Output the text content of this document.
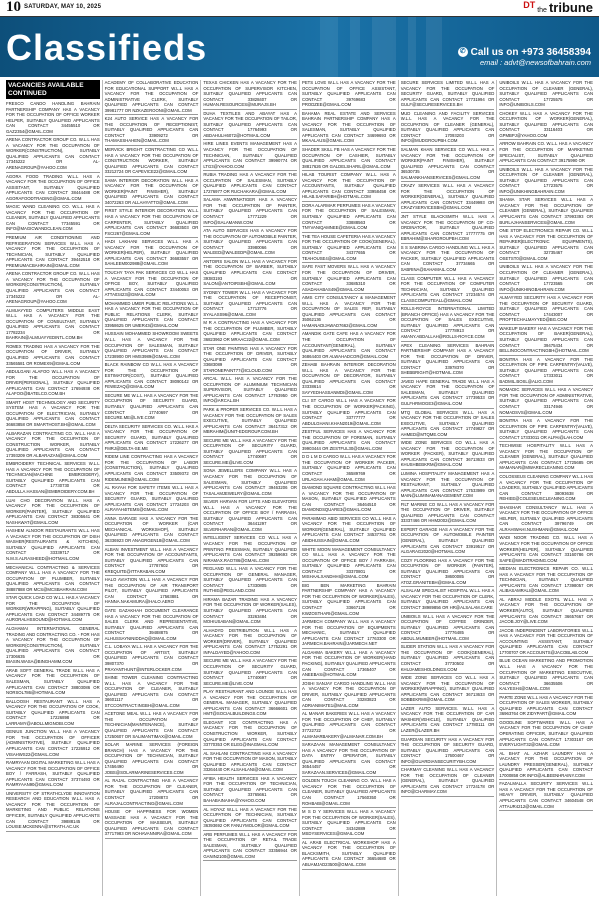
10 SATURDAY, MAY 10, 2025	$^{DT}$the tribune
Classifieds	✆ Call us on +973 36458394
email : advt@newsofbahrain.com
VACANCIES AVAILABLE CONTINUED

FRESCO CANDO HANDLING BAHRAIN PARTNERSHIP COMPANY HAS A VACANCY FOR THE OCCUPATION OF OFFICE WORKER HELPER, SUITABLY QUALIFIED APPLICANTS CAN CONTACT 34455510 OR GAZ2354@GMAIL.COM

ARENA CONTRACTOR GROUP CO. W.L.L HAS A VACANCY FOR THE OCCUPATION OF WORKER(CONSTRUCTION), SUITABLY QUALIFIED APPLICANTS CAN CONTACT 17345222 OR AL-ARENAGROUP@YAHOO.COM

AGORA FOOD TRADING W.L.L HAS A VACANCY FOR THE OCCUPATION OF OFFICE ASSISTANT, SUITABLY QUALIFIED APPLICANTS CAN CONTACT 38444488 OR AGORAFOODTRADING@GMAIL.COM

MAGIC WAND CLEANING CO. W.L.L HAS A VACANCY FOR THE OCCUPATION OF CLEANER, SUITABLY QUALIFIED APPLICANTS CAN CONTACT 77345591 OR INFO@MAGICWANDCLEAN.COM

PREMIUM AIR CONDITIONING AND REFRIGERATION SERVICES W.L.L HAS A VACANCY FOR THE OCCUPATION OF TECHNICIAN, SUITABLY QUALIFIED APPLICANTS CAN CONTACT 39442518 OR PREMIUMACBAHRAIN@GMAIL.COM

ARENA CONTRACTOR GROUP CO. W.L.L HAS A VACANCY FOR THE OCCUPATION OF WORKER(CONSTRUCTION), SUITABLY QUALIFIED APPLICANTS CAN CONTACT 17345222 OR AL-ARENAGROUP@YAHOO.COM

ALMUAYYED COMPUTERS MIDDLE EAST W.L.L HAS A VACANCY FOR THE OCCUPATION OF CONSULTANT, SUITABLY QUALIFIED APPLICANTS CAN CONTACT 17782234 OR BAHRAIN@ALMUAYYEDINTL.COM.BH

ROMEX TRADING HAS A VACANCY FOR THE OCCUPATION OF DRIVER, SUITABLY QUALIFIED APPLICANTS CAN CONTACT 33565581 OR ROMEX9@GMAIL.COM

ABDULGANI ALAFOO W.L.L HAS A VACANCY FOR THE OCCUPATION OF DRIVER(PERSONAL), SUITABLY QUALIFIED APPLICANTS CAN CONTACT 17694938 OR ALAFOO@BATELCO.COM.BH

SMART HOST TECHNOLOGY AND SECURITY SYSTEM HAS A VACANCY FOR THE OCCUPATION OF ELECTRICIAN, SUITABLY QUALIFIED APPLICANTS CAN CONTACT 36683858 OR SMARTHOST.BH@GMAIL.COM

ALBARAZAN CONTRACTING CO. W.L.L HAS A VACANCY FOR THE OCCUPATION OF CONSTRUCTION WORKER, SUITABLY QUALIFIED APPLICANTS CAN CONTACT 17393209 OR ALBARAZAN@GMAIL.COM

EMBROIDERY TECHNICAL SERVICES W.L.L HAS A VACANCY FOR THE OCCUPATION OF TECHNICIAN(MACHINE EMBROIDERY), SUITABLY QUALIFIED APPLICANTS CAN CONTACT 17730730 OR ABDULLA.HASSAN@EMBROIDERY.COM.BH

LUAI CHO DECORATION W.L.L HAS A VACANCY FOR THE OCCUPATION OF WORKER(PAINTER), SUITABLY QUALIFIED APPLICANTS CAN CONTACT 38305641 OR NASHAWAT@GMAIL.COM

HASHEM ALNOOR RESTAURANTS W.L.L HAS A VACANCY FOR THE OCCUPATION OF DISH WASHER(RESTAURANTS & KITCHEN), SUITABLY QUALIFIED APPLICANTS CAN CONTACT 33339717 OR N.M.S.ALRASHEED@HOTMAIL.COM

MECHANICAL CONTRACTING & SERVICES COMPANY W.L.L HAS A VACANCY FOR THE OCCUPATION OF PLUMBER, SUITABLY QUALIFIED APPLICANTS CAN CONTACT 38887888 OR MCS@MCSBAHRAIN.COM

STAR QUICK LOAD CO W.L.L HAS A VACANCY FOR THE OCCUPATION OF WORKER(WRAPPING), SUITABLY QUALIFIED APPLICANTS CAN CONTACT 34489775 OR AURORALHSSOUND@HOTMAIL.COM

ALGHAMAI INTERNATIONAL GENERAL TRADING AND CONTRACTING CO. - FOR HAS A VACANCY FOR THE OCCUPATION OF WORKER(CONSTRUCTION), SUITABLY QUALIFIED APPLICANTS CAN CONTACT 17306635 OR BIASIN.WASA@BINGHAMM.COM

ARAB SOFT GENERAL TRADE W.L.L HAS A VACANCY FOR THE OCCUPATION OF SALESMAN, SUITABLY QUALIFIED APPLICANTS CAN CONTACT 38803086 OR NORSOL786@HOTMAIL.COM

BALLOOSH RESTAURANT W.L.L HAS A VACANCY FOR THE OCCUPATION OF COOK, SUITABLY QUALIFIED APPLICANTS CAN CONTACT 17226898 OR LARRAMY@ABOLLMIGNOBI.COM

GENIUS JUNCTION W.L.L HAS A VACANCY FOR THE OCCUPATION OF OFFICER (ADMINISTRATIVE), SUITABLY QUALIFIED APPLICANTS CAN CONTACT 17226912 OR VISAHWS22@GMAIL.COM

RAMRYAAN DIGITAL MARKETING W.L.L HAS A VACANCY FOR THE OCCUPATION OF OFFICE BOY / FARRASH, SUITABLY QUALIFIED APPLICANTS CAN CONTACT 37374493 OR RAMRYAAN90@GMAIL.COM

UNIVERSITY OF STRATHCLYDE INNOVATION RESEARCH AND EDUCATION W.L.L HAS A VACANCY FOR THE OCCUPATION OF MARKETING AND PUBLIC RELATIONS OFFICER, SUITABLY QUALIFIED APPLICANTS CAN CONTACT 39888145 OR LOUISE.MCKENNA@STRATH.AC.UK

ACADEMY OF COLLABORATIVE EDUCATION FOR EDUCATIONAL SUPPORT W.L.L HAS A VACANCY FOR THE OCCUPATION OF ADMINISTRATIVE CLERK, SUITABLY QUALIFIED APPLICANTS CAN CONTACT 39981777 OR NZKAZEROONI@GMAIL.COM

K24 AUTO SERVICE HAS A VACANCY FOR THE OCCUPATION OF RECEPTIONIST, SUITABLY QUALIFIED APPLICANTS CAN CONTACT 33909272 OR THAMASSHAHEN@GMAIL.COM

MERVICK BRIGHT CONTRACTING CO W.L.L HAS A VACANCY FOR THE OCCUPATION OF CONSTRUCTION WORKER, SUITABLY QUALIFIED APPLICANTS CAN CONTACT 33212724 OR CAPEVICE22@GMAIL.COM

SAMA INTERIOR DECORATION W.L.L HAS A VACANCY FOR THE OCCUPATION OF WORKER(PAINT FINISHER), SUITABLY QUALIFIED APPLICANTS CAN CONTACT 34072263 OR ALLAHYATTO@GMAIL.COM

FIRST STYLE INTERIOR DECORATION W.L.L HAS A VACANCY FOR THE OCCUPATION OF CARPENTER, SUITABLY QUALIFIED APPLICANTS CAN CONTACT 36683503 OR FSCI267@GMAIL.COM

HADI LAKHANI SERVICES W.L.L HAS A VACANCY FOR THE OCCUPATION OF WORKER(HELPER), SUITABLY QUALIFIED APPLICANTS CAN CONTACT 36683557 OR SAHLEEM002988@GMAIL.COM

TOUCHY TAYA PAK SERVICES CO W.L.L HAS A VACANCY FOR THE OCCUPATION OF OFFICE BOY, SUITABLY QUALIFIED APPLICANTS CAN CONTACT 33440053 OR ATTA03423@GMAIL.COM

MOHAMMED UMER PUBLIC RELATIONS W.L.L HAS A VACANCY FOR THE OCCUPATION OF PUBLIC RELATIONS CLERK, SUITABLY QUALIFIED APPLICANTS CAN CONTACT 33958625 OR UMER43@GMAIL.COM

HUSSAIN MOHAMMED SHOWROOM SWEETS W.L.L HAS A VACANCY FOR THE OCCUPATION OF SALESMAN, SUITABLY QUALIFIED APPLICANTS CAN CONTACT 17238900 OR HMS3989@GMAIL.COM

BLACK RAINBOW CO W.L.L HAS A VACANCY FOR THE OCCUPATION OF ESTIMATOR(COST), SUITABLY QUALIFIED APPLICANTS CAN CONTACT 38090142 OR FEWEZAQ@GMAIL.COM

SECURE ME W.L.L HAS A VACANCY FOR THE OCCUPATION OF SECURITY GUARD, SUITABLY QUALIFIED APPLICANTS CAN CONTACT 17740697 OR SECURE.ME@LIVE.COM

DELTA SECURITY SERVICES CO. W.L.L HAS A VACANCY FOR THE OCCUPATION OF SECURITY GUARD, SUITABLY QUALIFIED APPLICANTS CAN CONTACT 17226277 OR FMRJ@DELTA-SE.ME

RIDEM LINE CONTRACTING HAS A VACANCY FOR THE OCCUPATION OF LABOR (CONSTRUCTION), SUITABLY QUALIFIED APPLICANTS CAN CONTACT 33509372 OR RIDEMLINE9@GMAIL.COM

AL RAYAH FOR SAFETY ITEMS W.L.L HAS A VACANCY FOR THE OCCUPATION OF SECURITY GUARD, SUITABLY QUALIFIED APPLICANTS CAN CONTACT 17724203 OR ALRAYAH4ITEMS@GMAIL.COM

ANNA GARAGE HAS A VACANCY FOR THE OCCUPATION OF WORKER (CAR MECHANICAL WORKSHOP), SUITABLY QUALIFIED APPLICANTS CAN CONTACT 36336923 OR ANAGRGEN18@GMAIL.COM

ALBAN INVESTMENT W.L.L HAS A VACANCY FOR THE OCCUPATION OF ACCOUNTANTS, SUITABLY QUALIFIED APPLICANTS CAN CONTACT 17787602 OR KREQUITE@ITTARABAN.COM

HALO AVIATION W.L.L HAS A VACANCY FOR THE OCCUPATION OF AIR TRANSPORT PILOT, SUITABLY QUALIFIED APPLICANTS CAN CONTACT 17563881 OR HANNA.NAKAMURA@HALO.AERO

GATE GAZAKHAH DOCUMENT CLEARANCE HAS A VACANCY FOR THE OCCUPATION OF SALES CLERK AND REPRESENTATIVE, SUITABLY QUALIFIED APPLICANTS CAN CONTACT 39488875 OR ALHUSSAYNINIDDAQ@GMAIL.COM

C.L. LOBAYA W.L.L HAS A VACANCY FOR THE OCCUPATION OF ARTIST, SUITABLY QUALIFIED APPLICANTS CAN CONTACT 39807370 OR PRAYANTHUNT@INTERLOCKER.COM

SHINE TOWER CLEANING CONTRACTING W.L.L HAS A VACANCY FOR THE OCCUPATION OF CLEANER, SUITABLY QUALIFIED APPLICANTS CAN CONTACT 36601117 OR STCCONTRACT.INGBH@GMAIL.COM

ACETONE MEAL W.L.L HAS A VACANCY FOR THE OCCUPATION OF TECHNICIAN(MAINTENANCE), SUITABLY QUALIFIED APPLICANTS CAN CONTACT 17250607 OR SALIMANTIMAX@GMAIL.COM

SOLAR MARINE SERVICES (FOREIGN BRANCH) HAS A VACANCY FOR THE OCCUPATION OF TECHNICIAN, SUITABLY QUALIFIED APPLICANTS CAN CONTACT 17456490 OR JOBS@SOLARMARINESERVICES.COM

AL RAJAL CONTRACTING HAS A VACANCY FOR THE OCCUPATION OF CLEANER, SUITABLY QUALIFIED APPLICANTS CAN CONTACT 17208873 OR ALRAJALCONTRACTING@GMAIL.COM

HOUSE OF HAPPINESS FOR WOMEN MASSAGE HAS A VACANCY FOR THE OCCUPATION OF MASSEUR, SUITABLY QUALIFIED APPLICANTS CAN CONTACT 37717983 OR NOHAVANNIRA@GMAIL.COM

TEXAS CHICKEN HAS A VACANCY FOR THE OCCUPATION OF SUPERVISOR KITCHEN, SUITABLY QUALIFIED APPLICANTS CAN CONTACT 33828407 OR HUMAN.RESOURCES@MURAJS.BH

DUHA TEXTILES AND ABAYAT HAS A VACANCY FOR THE OCCUPATION OF TAILOR, SUITABLY QUALIFIED APPLICANTS CAN CONTACT 17764993 OR ABDAHULH6072@HOTMAIL.COM

HIRE LINES EVENTS MANAGEMENT HAS A VACANCY FOR THE OCCUPATION OF TECHNICIAN, SUITABLY QUALIFIED APPLICANTS CAN CONTACT 39990774 OR LTG3@YAHOO.COM

RUBIA TRADING HAS A VACANCY FOR THE OCCUPATION OF SALESMAN, SUITABLY QUALIFIED APPLICANTS CAN CONTACT 17276977 OR RUCHAKARA@GMAIL.COM

SALAMA ANWRNATIGER HAS A VACANCY FOR THE OCCUPATION OF PAINTER, SUITABLY QUALIFIED APPLICANTS CAN CONTACT 17771229 OR INFO@SALAMANW.COM

ATA AUTO SERVICES HAS A VACANCY FOR THE OCCUPATION OF AUTOMOBILE PAINTER, SUITABLY QUALIFIED APPLICANTS CAN CONTACT 33980066 OR WALEED@WALEEDP@GMAIL.COM

ANTOIRS SALON W.L.L HAS A VACANCY FOR THE OCCUPATION OF BARBER, SUITABLY QUALIFIED APPLICANTS CAN CONTACT 39383193 OR SALON@ANTOIRSBH@GMAIL.COM

SYDNEY TOWER W.L.L HAS A VACANCY FOR THE OCCUPATION OF RECEPTIONIST, SUITABLY QUALIFIED APPLICANTS CAN CONTACT 17713776 OR SYALASS96@GMAIL.COM

M R A CONTRACTING HAS A VACANCY FOR THE OCCUPATION OF PLUMBER, SUITABLY QUALIFIED APPLICANTS CAN CONTACT 36823962 OR MRAAC22@GMAIL.COM

STAR ONE PAINTING HAS A VACANCY FOR THE OCCUPATION OF DRIVER, SUITABLY QUALIFIED APPLICANTS CAN CONTACT 33683089 OR STARONEPAINT77@ICLOUD.COM

ARCAL W.L.L HAS A VACANCY FOR THE OCCUPATION OF ALUMINIUM TECHNICIAN SUPERVISOR, SUITABLY QUALIFIED APPLICANTS CAN CONTACT 17763950 OR INFO@ARCAL.BH

PARK & PROPER SERVICES CO. W.L.L HAS A VACANCY FOR THE OCCUPATION OF SALES EXECUTIVE, SUITABLY QUALIFIED APPLICANTS CAN CONTACT 36417312 OR MBRAHIM@UNIT-EDGROUP.COM.BH

SECURE ME W.L.L HAS A VACANCY FOR THE OCCUPATION OF SECURITY GUARD, SUITABLY QUALIFIED APPLICANTS CAN CONTACT 17740697 OR SECURE.ME@LIVE.COM

SONA JEWELLERS COMPANY W.L.L HAS A VACANCY FOR THE OCCUPATION OF SALESMAN, SUITABLY QUALIFIED APPLICANTS CAN CONTACT 39463206 OR TASALAMJEWELRY@GMAIL.COM

SILVER HARVAN FOR LIFTS AND ELEVATORS W.L.L HAS A VACANCY FOR THE OCCUPATION OF OFFICE BOY / FARRASH, SUITABLY QUALIFIED APPLICANTS CAN CONTACT 36441297 OR SILVERHARAN@GMAIL.COM

INTELLIGENT SERVICES CO W.L.L HAS A VACANCY FOR THE OCCUPATION OF PRINTING PRESSMAN, SUITABLY QUALIFIED APPLICANTS CAN CONTACT 39259693 OR NIRAMAX.RAO786@GMAIL.COM

PEGLAND W.L.L HAS A VACANCY FOR THE OCCUPATION OF GENERAL MANAGER, SUITABLY QUALIFIED APPLICANTS CAN CONTACT 17330805 OR RUTHIE@PEGLAND.COM

HIRAMA BAZAR TRADING HAS A VACANCY FOR THE OCCUPATION OF WORKER(SALES), SUITABLY QUALIFIED APPLICANTS CAN CONTACT 33263484 OR MOHIUSABAN@GMAIL.COM

ALHADYD DISTRIBUTION W.L.L HAS A VACANCY FOR THE OCCUPATION OF WORKER(DRIVER), SUITABLY QUALIFIED APPLICANTS CAN CONTACT 17752291 OR INFALDAYED@YAHOO.COM

SECURE ME W.L.L HAS A VACANCY FOR THE OCCUPATION OF SECURITY GUARD, SUITABLY QUALIFIED APPLICANTS CAN CONTACT 17740697 OR SECURE.ME@LIVE.COM

PLAY RESTAURANT AND LOUNGE W.L.L HAS A VACANCY FOR THE OCCUPATION OF GENERAL MANAGER, SUITABLY QUALIFIED APPLICANTS CAN CONTACT 36666601 OR HMT@SOCIALBUILDINGS.COM

ELEGANT ICE CONTRACTING HAS A VACANCY FOR THE OCCUPATION OF CONSTRUCTION WORKER, SUITABLY QUALIFIED APPLICANTS CAN CONTACT 33770353 OR ELEG@INAGMAIL.COM

AL SAHLANI CONTRACTING HAS A VACANCY FOR THE OCCUPATION OF MASON, SUITABLY QUALIFIED APPLICANTS CAN CONTACT 33264440 OR ALSAHLANI@GMAIL.COM

AFIBA HEALTH SERVICES HAS A VACANCY FOR THE OCCUPATION OF TECHNICIAN, SUITABLY QUALIFIED APPLICANTS CAN CONTACT 33765661 OR BAHABAINAIHA@YAHOO.COM

AL HOYAZ W.L.L HAS A VACANCY FOR THE OCCUPATION OF TECHNICIAN, SUITABLY QUALIFIED APPLICANTS CAN CONTACT 36393692 OR FANUYMOLOR@GMAIL.COM

ARB PERFUMES W.L.L HAS A VACANCY FOR THE OCCUPATION OF RETAIL TRADE SALESMAN, SUITABLY QUALIFIED APPLICANTS CAN CONTACT 33356944 OR GANIN2100@GMAIL.COM

PETS LOVE W.L.L HAS A VACANCY FOR THE OCCUPATION OF OFFICE ASSISTANT, SUITABLY QUALIFIED APPLICANTS CAN CONTACT 39769683 OR PRODZEE@GMAIL.COM

BAHAMA REAL ESTATE AND SERVICES BAHRAIN PARTNERSHIP COMPANY HAS A VACANCY FOR THE OCCUPATION OF SALESMAN, SUITABLY QUALIFIED APPLICANTS CAN CONTACT 34699693 OR MKAALAUS@GMAIL.COM

SHADER SKILL FB HAS A VACANCY FOR THE OCCUPATION OF CASHIER, SUITABLY QUALIFIED APPLICANTS CAN CONTACT 38817626 OR GALDELSHARIL@GMAIL.COM

HILAB TOURIST COMPANY W.L.L HAS A VACANCY FOR THE OCCUPATION OF ACCOUNTANTS, SUITABLY QUALIFIED APPLICANTS CAN CONTACT 33958458 OR HILAB.SAFARIBH@HOTMAIL.COM

DORA ALARMAR PERFUMES HAS A VACANCY FOR THE OCCUPATION OF SALESMAN, SUITABLY QUALIFIED APPLICANTS CAN CONTACT 33888563 OR TNYVANIQAMNEE@GMAIL.COM

THE TEA HOUSE CAFETERIA HAS A VACANCY FOR THE OCCUPATION OF COOK(GENERAL), SUITABLY QUALIFIED APPLICANTS CAN CONTACT 34377655 OR TEAHOUSE4@GMAIL.COM

SAFE FAST MOVERS W.L.L HAS A VACANCY FOR THE OCCUPATION OF DRIVER, SUITABLY QUALIFIED APPLICANTS CAN CONTACT 33685310 OR ASADAHABAS49@GMAIL.COM

AIMS CITY CONSULTANCY & MANAGEMENT W.L.L HAS A VACANCY FOR THE OCCUPATION OF SALES REP, SUITABLY QUALIFIED APPLICANTS CAN CONTACT 35062136 OR HAMANADIJAWAD7662@GMAIL.COM

AMANDIK GATE CAFE HAS A VACANCY FOR THE OCCUPATION OF ACCOUNTANT(GENERAL), SUITABLY QUALIFIED APPLICANTS CAN CONTACT 36864403 OR ALWAHADCOR@GMAIL.COM

ZEHABI BAHRAIN INTERIOR DECORATION W.L.L HAS A VACANCY FOR THE OCCUPATION OF DECORATOR, SUITABLY QUALIFIED APPLICANTS CAN CONTACT 33338614 OR SAYYEDHASSANMDI@GMAIL.COM

CLI ST CARGO W.L.L HAS A VACANCY FOR THE OCCUPATION OF WORKER(PACKING), SUITABLY QUALIFIED APPLICANTS CAN CONTACT 33777777 OR ABDULGHANI.KHAN2019@GMAIL.COM

ZESTFUL SERVICES HAS A VACANCY FOR THE OCCUPATION OF FOREMAN, SUITABLY QUALIFIED APPLICANTS CAN CONTACT 39903444 OR ZESTFUL30@GMAIL.COM

D D L M D CARGO W.L.L HAS A VACANCY FOR THE OCCUPATION OF WORKER PACKER, SUITABLY QUALIFIED APPLICANTS CAN CONTACT 36589769 OR URLAGAH.AHAM@GMAIL.COM

DIAMOND SQUARE CONTRACTING W.L.L HAS A VACANCY FOR THE OCCUPATION OF MASON, SUITABLY QUALIFIED APPLICANTS CAN CONTACT 36464510 OR DIAMONDSQUARE3@GMAIL.COM

PARAMMAD ABID SERVICES CO W.L.L HAS A VACANCY FOR THE OCCUPATION OF WORKER(GENERAL), SUITABLY QUALIFIED APPLICANTS CAN CONTACT 34537761 OR ABIDHUSSAIN@GMAIL.COM

WHITE MOON MANAGEMENT CONSULTANCY CO W.L.L HAS A VACANCY FOR THE OCCUPATION OF OFFICE BOY / FARRASH, SUITABLY QUALIFIED APPLICANTS CAN CONTACT 33370801 OR MISHAALXANDHHI@GMAIL.COM

BIG BEN MARKETING BAHRAIN PARTNERSHIP COMPANY HAS A VACANCY FOR THE OCCUPATION OF WORKER(SALES), SUITABLY QUALIFIED APPLICANTS CAN CONTACT 33667128 OR KWZOSTHARI@GMAIL.COM

JARMECH COMPANY W.L.L HAS A VACANCY FOR THE OCCUPATION OF EQUIPMENTS MECHANIC, SUITABLY QUALIFIED APPLICANTS CAN CONTACT 17763300 OR JARMECH.BAHRAIN@JARMECH.NET

ALGAHMA BAKERY W.L.L HAS A VACANCY FOR THE OCCUPATION OF WORKER(HAND PACKING), SUITABLY QUALIFIED APPLICANTS CAN CONTACT 17365407 OR ANEEBAS@HOTMAIL.COM

JOSHI SANJAY CARGO HANDLING W.L.L HAS A VACANCY FOR THE OCCUPATION OF DRIVER, SUITABLY QUALIFIED APPLICANTS CAN CONTACT 33283823 OR ADRIANIMATE1@MAIL.COM

AL MANAR BAKERIES W.L.L HAS A VACANCY FOR THE OCCUPATION OF CHEF, SUITABLY QUALIFIED APPLICANTS CAN CONTACT 37722722 OR ALMANARBAKERY@ALMANAR.COM.BH

SARAZAAN MANAGEMENT CONSULTANCY HAS A VACANCY FOR THE OCCUPATION OF DATA ENTRY OPERATOR, SUITABLY QUALIFIED APPLICANTS CAN CONTACT 36544457 OR SARAZAAN.SERVICES@GMAIL.COM

GOLDEN TOUCH CLEANING CO. W.L.L HAS A VACANCY FOR THE OCCUPATION OF CLEANER, SUITABLY QUALIFIED APPLICANTS CAN CONTACT 17560350 OR ROHBABI@GMAIL.COM

M S D Y SERVICES W.L.L HAS A VACANCY FOR THE OCCUPATION OF WORKER(SALES), SUITABLY QUALIFIED APPLICANTS CAN CONTACT 34342889 OR MSDYSERVICES@GMAIL.COM

AL ARAB ELECTRICAL WORKSHOP HAS A VACANCY FOR THE OCCUPATION OF BLACKSMITH, SUITABLY QUALIFIED APPLICANTS CAN CONTACT 36654680 OR ABUAMJAD23500@GMAIL.COM

SECURE SERVICES LIMITED W.L.L HAS A VACANCY FOR THE OCCUPATION OF SECURITY GUARD, SUITABLY QUALIFIED APPLICANTS CAN CONTACT 17731994 OR GULF@SECURESERVICES.BH

MUD CLEANING AND FACILITY SERVICES W.L.L HAS A VACANCY FOR THE OCCUPATION OF CLEANER (GENERAL), SUITABLY QUALIFIED APPLICANTS CAN CONTACT 17093203 OR INFO@MUDGROUPBH.COM

SALMAN KHAN SERVICES CO W.L.L HAS A VACANCY FOR THE OCCUPATION OF WORKER(PAINT FINISHER), SUITABLY QUALIFIED APPLICANTS CAN CONTACT 36530735 OR SALMANKHANSERVICES@GMAIL.COM

CRAZY SERVICES W.L.L HAS A VACANCY FOR THE OCCUPATION OF WORKER(GENERAL), SUITABLY QUALIFIED APPLICANTS CAN CONTACT 33449993 OR CRAZYSERVICESBH@GMAIL.COM

JNT STYLE BLACKSMITH W.L.L HAS A VACANCY FOR THE OCCUPATION OF CO-ORDINATOR, SUITABLY QUALIFIED APPLICANTS CAN CONTACT 17777775 OR EBRAHIM@SHARGROUPBH.COM

S S SABRINA CARGO HANDLING W.L.L HAS A VACANCY FOR THE OCCUPATION OF PACKER, SUITABLY QUALIFIED APPLICANTS CAN CONTACT 37734665 OR SABRINA@SAHAMAIL.COM

CLASS COMPUTER W.L.L HAS A VACANCY FOR THE OCCUPATION OF COMPUTER TECHNICIAN, SUITABLY QUALIFIED APPLICANTS CAN CONTACT 17234574 OR CLASSCOMPUTEALL@GMAIL.COM

ROLLS-ROYCE INTERNATIONAL LIMITED (BRANCH OFFICE) HAS A VACANCY FOR THE OCCUPATION OF SALES EXECUTIVE, SUITABLY QUALIFIED APPLICANTS CAN CONTACT 17778913 OR AMANY.ABDALLAH@ROLLS-ROYCE.COM

APEX CLEANING SERVICES BAHRAIN PARTNERSHIP COMPANY HAS A VACANCY FOR THE OCCUPATION OF DRIVER, SUITABLY QUALIFIED APPLICANTS CAN CONTACT 33978370 OR SHEBBRIGHT@HOTMAIL.COM

JAVED HAPE GENERAL TRADE W.L.L HAS A VACANCY FOR THE OCCUPATION OF SALESMAN, SUITABLY QUALIFIED APPLICANTS CAN CONTACT 17739533 OR GULFHRMOGE3@GMAIL.COM

MTQ GLOBAL SERVICES W.L.L HAS A VACANCY FOR THE OCCUPATION OF SALES EXECUTIVE, SUITABLY QUALIFIED APPLICANTS CAN CONTACT 17749827 OR AHMED@MTQME.COM

WIDE ZONE SERVICES CO W.L.L HAS A VACANCY FOR THE OCCUPATION OF WORKER (PACKER), SUITABLY QUALIFIED APPLICANTS CAN CONTACT 36713633 OR KHUSHBEBKRM@GMAIL.COM

LUMINA HOSPITALITY MANAGEMENT HAS A VACANCY FOR THE OCCUPATION OF RESTAURANT, SUITABLY QUALIFIED APPLICANTS CAN CONTACT 17533999 OR MAIN@LUMINAMANAGEMENT.COM

FILT MARINE CO W.L.L HAS A VACANCY FOR THE OCCUPATION OF DRIVER, SUITABLY QUALIFIED APPLICANTS CAN CONTACT 33337466 OR HHM2002@GMAIL.COM

EXPERT GARAGE HAS A VACANCY FOR THE OCCUPATION OF AUTOMOBILE PAINTER (GENERAL), SUITABLY QUALIFIED APPLICANTS CAN CONTACT 33919517 OR ALGARAG2020@HOTMAIL.COM

COZY FLOORING HAS A VACANCY FOR THE OCCUPATION OF WORKER (PAINTER), SUITABLY QUALIFIED APPLICANTS CAN CONTACT 38600085 OR ATOZ.GRANITEBH@GMAIL.COM

ALSALAM SPECIALIST HOSPITAL W.L.L HAS A VACANCY FOR THE OCCUPATION OF CLERK, SUITABLY QUALIFIED APPLICANTS CAN CONTACT 38989856 OR HR@ALSALAM.CARE

UNIBOILS W.L.L HAS A VACANCY FOR THE OCCUPATION OF COFFEE GRINDER, SUITABLY QUALIFIED APPLICANTS CAN CONTACT 17776485 OR ABDUL.MUNEER@HOTMAIL.COM

SLIDER STATION W.L.L HAS A VACANCY FOR THE OCCUPATION OF COOK(GENERAL), SUITABLY QUALIFIED APPLICANTS CAN CONTACT 37730502 OR KHUJAMESHOLDINGS.COM

WIDE ZONE SERVICES CO W.L.L HAS A VACANCY FOR THE OCCUPATION OF WORKER(WRAPPING), SUITABLY QUALIFIED APPLICANTS CAN CONTACT 36713633 OR SOBBEKRMI@GMAIL.COM

LAZER AUTO SERVICES. W.L.L HAS A VACANCY FOR THE OCCUPATION OF CAR WASHER(VEHICLE), SUITABLY QUALIFIED APPLICANTS CAN CONTACT 17780111 OR LAZER@LAZER.BH

GUARDIAN SECURITY HAS A VACANCY FOR THE OCCUPATION OF SECURITY GUARD, SUITABLY QUALIFIED APPLICANTS CAN CONTACT 17600467 OR INFO@GUARDIANSECURITYBH.COM

CHARMAY CLEANING W.L.L HAS A VACANCY FOR THE OCCUPATION OF CLEANER (GENERAL), SUITABLY QUALIFIED APPLICANTS CAN CONTACT 17724178 OR INFO@CHARMAY.COM

UNIBOILS W.L.L HAS A VACANCY FOR THE OCCUPATION OF CLEANER (GENERAL), SUITABLY QUALIFIED APPLICANTS CAN CONTACT 17725575 OR INFO@UNIBOILS.COM

CHOKEY W.L.L HAS A VACANCY FOR THE OCCUPATION OF WORKER(GENERAL), SUITABLY QUALIFIED APPLICANTS CAN CONTACT 33116403 OR GPMBPJ@YAHOO.COM

ARROW BAHRAIN CO. W.L.L HAS A VACANCY FOR THE OCCUPATION OF MARKETING SPECIALIST, SUITABLY QUALIFIED APPLICANTS CAN CONTACT 39175990 OR

UNIBOILS W.L.L HAS A VACANCY FOR THE OCCUPATION OF CLEANER (GENERAL), SUITABLY QUALIFIED APPLICANTS CAN CONTACT 17723575 OR INFO@UNIKHINGBAHRAIN.COM

SHAMA STAR SERVICES W.L.L HAS A VACANCY FOR THE OCCUPATION OF CLEANER (GENERAL), SUITABLY QUALIFIED APPLICANTS CAN CONTACT 37993393 OR BURLAJHANSERVICES@GMAIL.COM

ONE STOP ELECTRONICS REPAIR CO. W.L.L HAS A VACANCY FOR THE OCCUPATION OF REPAIRER(ELECTRONIC EQUIPMENTS), SUITABLY QUALIFIED APPLICANTS CAN CONTACT 32735467 OR OSETST0@GMAIL.COM

UNIBOILS W.L.L HAS A VACANCY FOR THE OCCUPATION OF CLEANER (GENERAL), SUITABLY QUALIFIED APPLICANTS CAN CONTACT 17723565 OR INFO@UNIKHINGBAHRAIN.COM

ALMAYYED SECURITY HAS A VACANCY FOR THE OCCUPATION OF SECURITY GUARD, SUITABLY QUALIFIED APPLICANTS CAN CONTACT 17443007 OR PROFTECHALMAYYED@BG.COM

WAKEUP BAKERY HAS A VACANCY FOR THE OCCUPATION OF BAKER(GENERAL), SUITABLY QUALIFIED APPLICANTS CAN CONTACT 39475434 OR BELLINOCONTRACTINGBH@HOTMAIL.COM

BONITRA HAS A VACANCY FOR THE OCCUPATION OF PIPE CARPENTRY(VALVE), SUITABLY QUALIFIED APPLICANTS CAN CONTACT 17333011 OR BADMIL.BOSL@ALIG.COM

NOMADIC SERVICES W.L.L HAS A VACANCY FOR THE OCCUPATION OF ADMINISTRATIVE, SUITABLY QUALIFIED APPLICANTS CAN CONTACT 33174946 OR NOMADSVS@GMAIL.COM

BONITRA HAS A VACANCY FOR THE OCCUPATION OF PIPE CARPENTRY(VALVE), SUITABLY QUALIFIED APPLICANTS CAN CONTACT 17333011 OR ALPAI@LAH.COM

TECHWISE HOSPITALITY W.L.L HAS A VACANCY FOR THE OCCUPATION OF CLEANER (GENERAL), SUITABLY QUALIFIED APPLICANTS CAN CONTACT 17725685 OR MAMANAR@MWARECLEANING.COM

COLOSSEUS CLEANING COMPANY W.L.L HAS A VACANCY FOR THE OCCUPATION OF LOADERS, SUITABLY QUALIFIED APPLICANTS CAN CONTACT 38093638 OR REHIEE@COLESEUSCLEANING.COM

SHAISHAR CONSULTANCY W.L.L HAS A VACANCY FOR THE OCCUPATION OF OFFICE HELPER, SUITABLY QUALIFIED APPLICANTS CAN CONTACT 39796749 OR ALRAHIWAHI.NUSHMANI@GMAIL.COM

WADI NOOR TRADING CO. W.L.L HAS A VACANCY FOR THE OCCUPATION OF OFFICE WORKER(HELPER), SUITABLY QUALIFIED APPLICANTS CAN CONTACT 33160786 OR SAIFE@WADITRADING.COM

MEDIAN ELECTRONICS REPAIR CO. W.L.L HAS A VACANCY FOR THE OCCUPATION OF TECHNICIAN, SUITABLY QUALIFIED APPLICANTS CAN CONTACT 17398057 OR ALIBASAMRALI@GMAIL.COM

AL ABRAJ MIDDLE EXOTIL W.L.L HAS A VACANCY FOR THE OCCUPATION OF WORKER(AUTO), SUITABLY QUALIFIED APPLICANTS CAN CONTACT 36657667 OR JACOB.JOY@LIVE.COM

JACOB INDEPENDENT LABORATORIES W.L.L HAS A VACANCY FOR THE OCCUPATION OF ACCOUNTING ASSISTANT, SUITABLY QUALIFIED APPLICANTS CAN CONTACT 17700707 OR ACCOUNTS@JACOBLAB.COM

BLUE OCEAN MARKETING AND PROMOTION W.L.L HAS A VACANCY FOR THE OCCUPATION OF MARKETING EXECUTIVE, SUITABLY QUALIFIED APPLICANTS CAN CONTACT 36635506 OR KALYESH4@GMAIL.COM

PARTE ZONE W.L.L HAS A VACANCY FOR THE OCCUPATION OF SALES WORKER, SUITABLY QUALIFIED APPLICANTS CAN CONTACT 36963764 OR ZIDYPART@GMAIL.COM

GOODLINE SOFTWARES W.L.L HAS A VACANCY FOR THE OCCUPATION OF CHIEF OPERATING OFFICER, SUITABLY QUALIFIED APPLICANTS CAN CONTACT 17303167 OR EVERYLIGHT32@GMAIL.COM

AL BHAT AL AZHAR LAUNDRY HAS A VACANCY FOR THE OCCUPATION OF LAUNDRY PRESSER(GENERAL), SUITABLY QUALIFIED APPLICANTS CAN CONTACT 17000858 OR INFO@ALBEENHRAINY.COM

FAZALMALLA SECURITY SERVICES W.L.L HAS A VACANCY FOR THE OCCUPATION OF HEAVY DRIVER, SUITABLY QUALIFIED APPLICANTS CAN CONTACT 34604548 OR ATTAUR4212@GMAIL.COM
